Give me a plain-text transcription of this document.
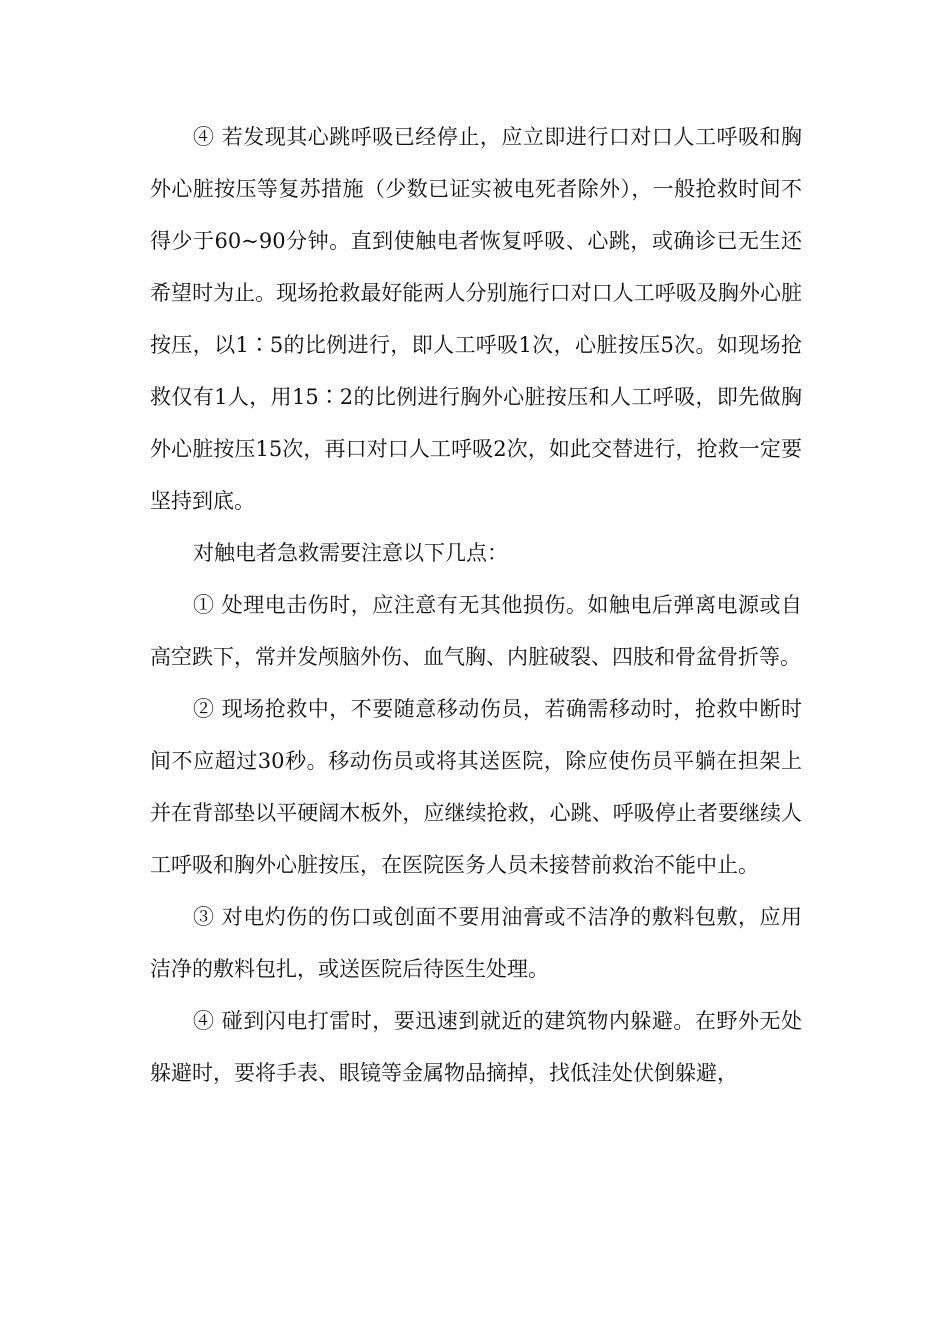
④ 若发现其心跳呼吸已经停止，应立即进行口对口人工呼吸和胸外心脏按压等复苏措施（少数已证实被电死者除外），一般抢救时间不得少于60~90分钟。直到使触电者恢复呼吸、心跳，或确诊已无生还希望时为止。现场抢救最好能两人分别施行口对口人工呼吸及胸外心脏按压，以1∶5的比例进行，即人工呼吸1次，心脏按压5次。如现场抢救仅有1人，用15∶2的比例进行胸外心脏按压和人工呼吸，即先做胸外心脏按压15次，再口对口人工呼吸2次，如此交替进行，抢救一定要坚持到底。

对触电者急救需要注意以下几点：

① 处理电击伤时，应注意有无其他损伤。如触电后弹离电源或自高空跌下，常并发颅脑外伤、血气胸、内脏破裂、四肢和骨盆骨折等。

② 现场抢救中，不要随意移动伤员，若确需移动时，抢救中断时间不应超过30秒。移动伤员或将其送医院，除应使伤员平躺在担架上并在背部垫以平硬阔木板外，应继续抢救，心跳、呼吸停止者要继续人工呼吸和胸外心脏按压，在医院医务人员未接替前救治不能中止。

③ 对电灼伤的伤口或创面不要用油膏或不洁净的敷料包敷，应用洁净的敷料包扎，或送医院后待医生处理。

④ 碰到闪电打雷时，要迅速到就近的建筑物内躲避。在野外无处躲避时，要将手表、眼镜等金属物品摘掉，找低洼处伏倒躲避，
